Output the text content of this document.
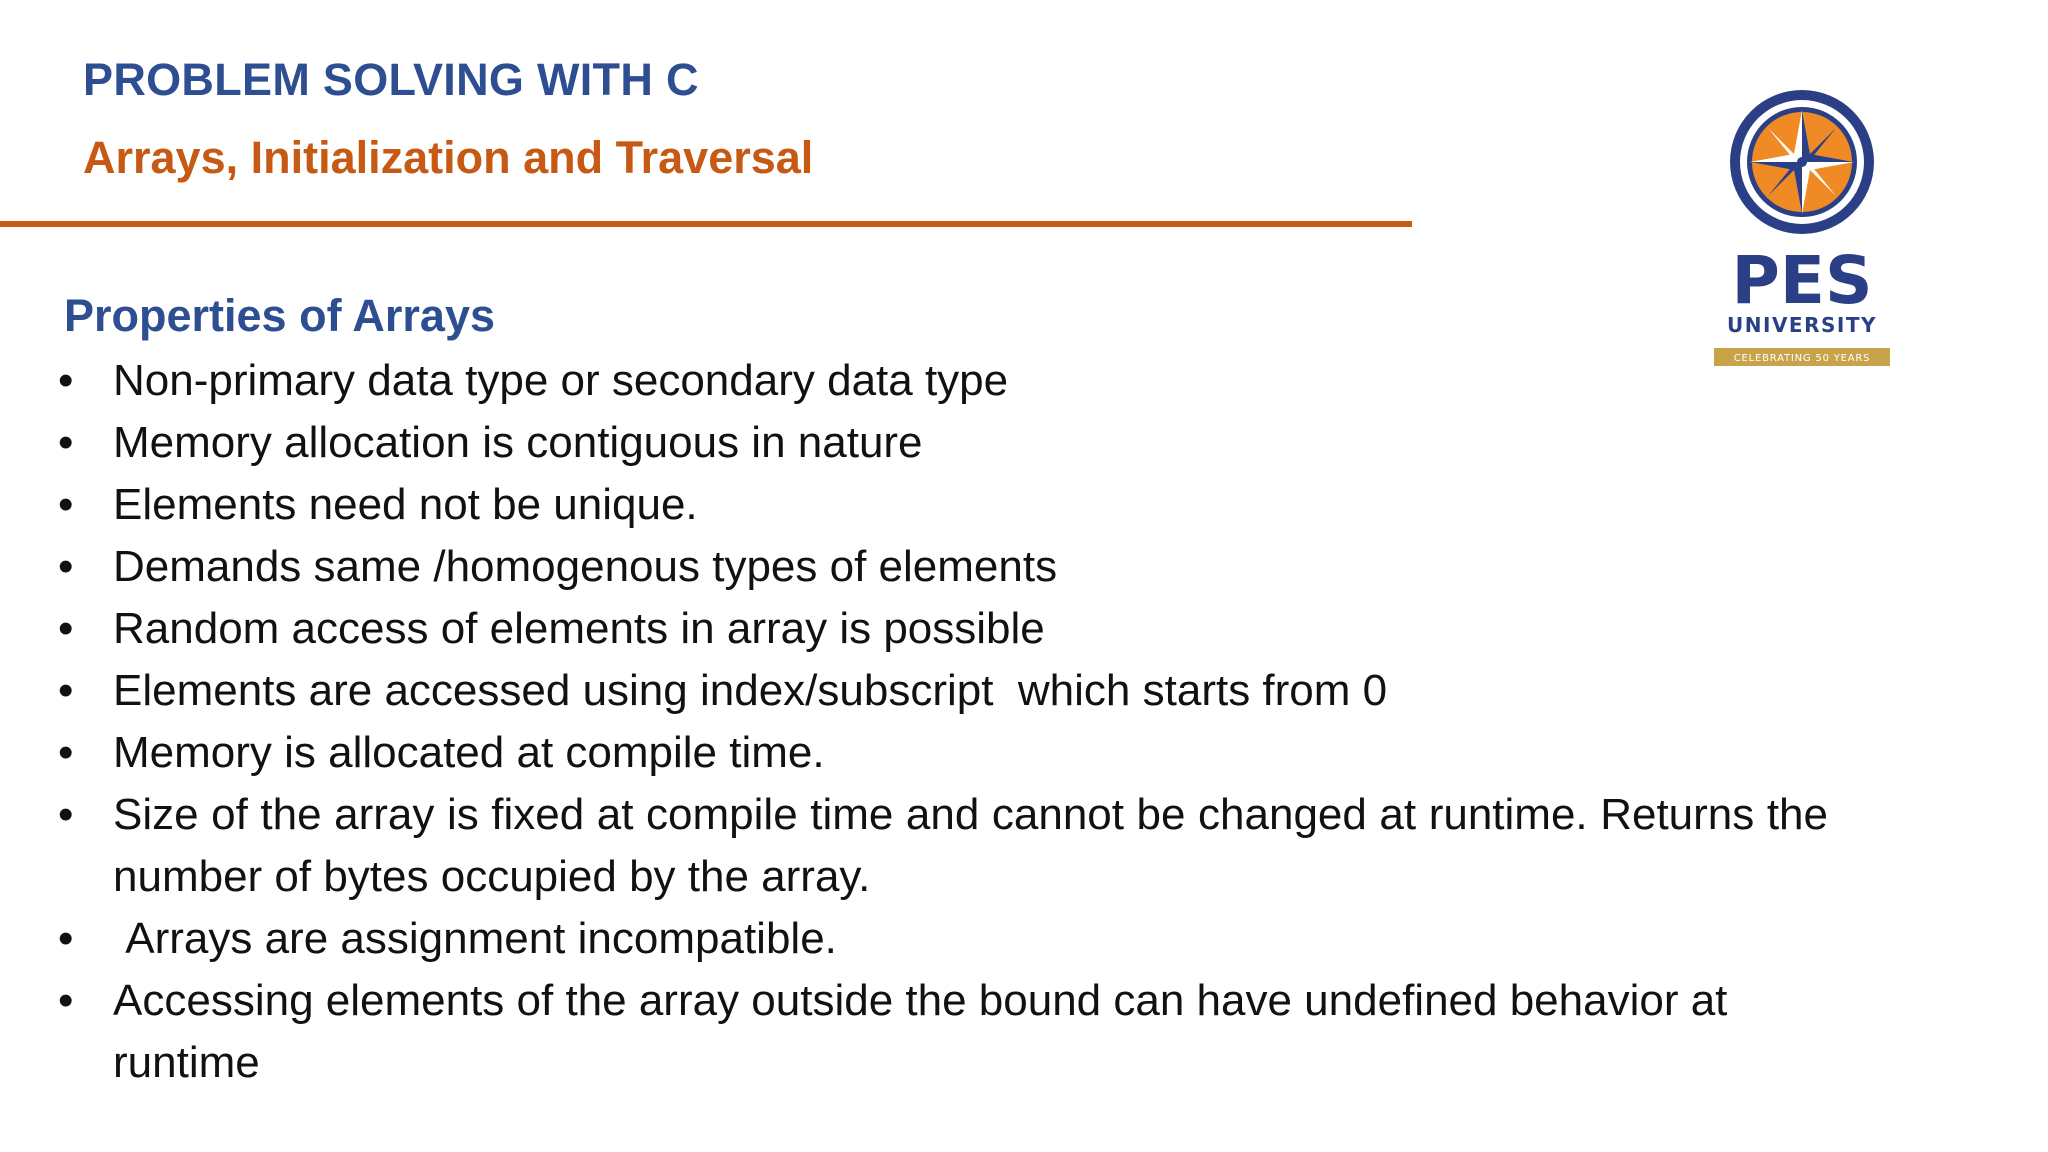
PROBLEM SOLVING WITH C
Arrays, Initialization and Traversal
PES
UNIVERSITY
CELEBRATING 50 YEARS
Properties of Arrays
• Non-primary data type or secondary data type
• Memory allocation is contiguous in nature
• Elements need not be unique.
• Demands same /homogenous types of elements
• Random access of elements in array is possible
• Elements are accessed using index/subscript  which starts from 0
• Memory is allocated at compile time.
• Size of the array is fixed at compile time and cannot be changed at runtime. Returns the number of bytes occupied by the array.
• Arrays are assignment incompatible.
• Accessing elements of the array outside the bound can have undefined behavior at runtime
